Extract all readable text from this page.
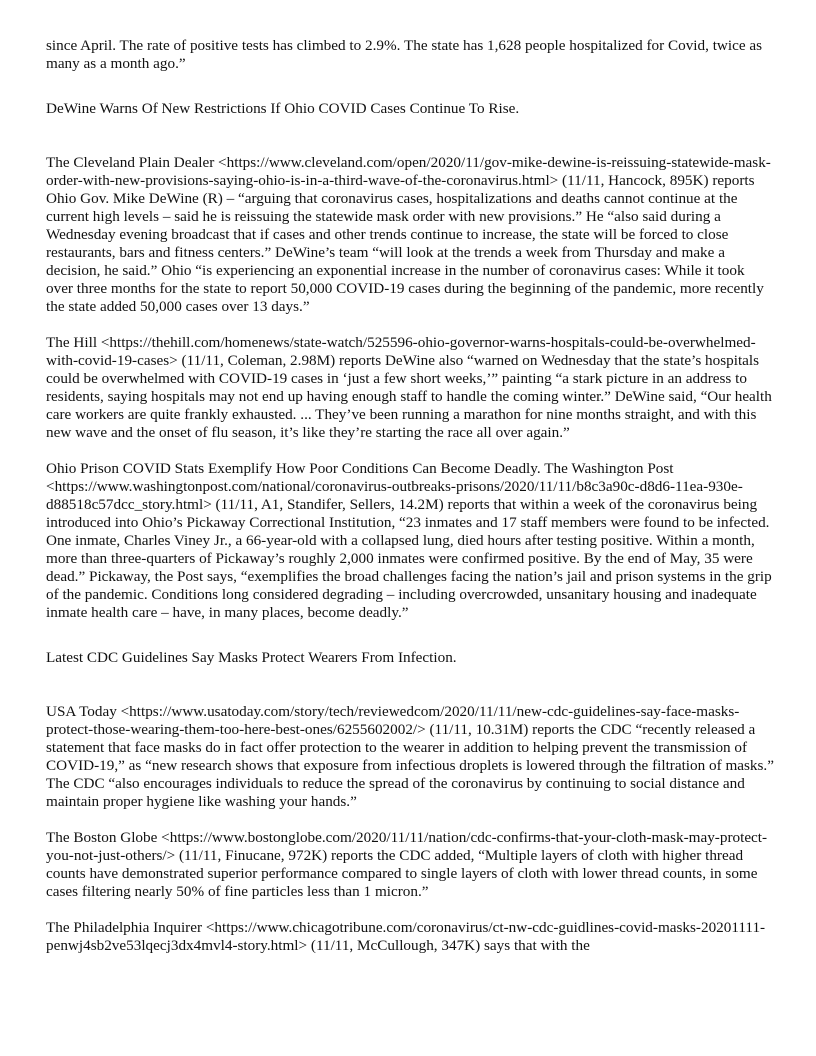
since April. The rate of positive tests has climbed to 2.9%. The state has 1,628 people hospitalized for Covid, twice as many as a month ago.”

DeWine Warns Of New Restrictions If Ohio COVID Cases Continue To Rise.

The Cleveland Plain Dealer <https://www.cleveland.com/open/2020/11/gov-mike-dewine-is-reissuing-statewide-mask-order-with-new-provisions-saying-ohio-is-in-a-third-wave-of-the-coronavirus.html> (11/11, Hancock, 895K) reports Ohio Gov. Mike DeWine (R) – “arguing that coronavirus cases, hospitalizations and deaths cannot continue at the current high levels – said he is reissuing the statewide mask order with new provisions.” He “also said during a Wednesday evening broadcast that if cases and other trends continue to increase, the state will be forced to close restaurants, bars and fitness centers.” DeWine’s team “will look at the trends a week from Thursday and make a decision, he said.” Ohio “is experiencing an exponential increase in the number of coronavirus cases: While it took over three months for the state to report 50,000 COVID-19 cases during the beginning of the pandemic, more recently the state added 50,000 cases over 13 days.”

The Hill <https://thehill.com/homenews/state-watch/525596-ohio-governor-warns-hospitals-could-be-overwhelmed-with-covid-19-cases> (11/11, Coleman, 2.98M) reports DeWine also “warned on Wednesday that the state’s hospitals could be overwhelmed with COVID-19 cases in ‘just a few short weeks,’” painting “a stark picture in an address to residents, saying hospitals may not end up having enough staff to handle the coming winter.” DeWine said, “Our health care workers are quite frankly exhausted. ... They’ve been running a marathon for nine months straight, and with this new wave and the onset of flu season, it’s like they’re starting the race all over again.”

Ohio Prison COVID Stats Exemplify How Poor Conditions Can Become Deadly. The Washington Post <https://www.washingtonpost.com/national/coronavirus-outbreaks-prisons/2020/11/11/b8c3a90c-d8d6-11ea-930e-d88518c57dcc_story.html> (11/11, A1, Standifer, Sellers, 14.2M) reports that within a week of the coronavirus being introduced into Ohio’s Pickaway Correctional Institution, “23 inmates and 17 staff members were found to be infected. One inmate, Charles Viney Jr., a 66-year-old with a collapsed lung, died hours after testing positive. Within a month, more than three-quarters of Pickaway’s roughly 2,000 inmates were confirmed positive. By the end of May, 35 were dead.” Pickaway, the Post says, “exemplifies the broad challenges facing the nation’s jail and prison systems in the grip of the pandemic. Conditions long considered degrading – including overcrowded, unsanitary housing and inadequate inmate health care – have, in many places, become deadly.”

Latest CDC Guidelines Say Masks Protect Wearers From Infection.

USA Today <https://www.usatoday.com/story/tech/reviewedcom/2020/11/11/new-cdc-guidelines-say-face-masks-protect-those-wearing-them-too-here-best-ones/6255602002/> (11/11, 10.31M) reports the CDC “recently released a statement that face masks do in fact offer protection to the wearer in addition to helping prevent the transmission of COVID-19,” as “new research shows that exposure from infectious droplets is lowered through the filtration of masks.” The CDC “also encourages individuals to reduce the spread of the coronavirus by continuing to social distance and maintain proper hygiene like washing your hands.”

The Boston Globe <https://www.bostonglobe.com/2020/11/11/nation/cdc-confirms-that-your-cloth-mask-may-protect-you-not-just-others/> (11/11, Finucane, 972K) reports the CDC added, “Multiple layers of cloth with higher thread counts have demonstrated superior performance compared to single layers of cloth with lower thread counts, in some cases filtering nearly 50% of fine particles less than 1 micron.”

The Philadelphia Inquirer <https://www.chicagotribune.com/coronavirus/ct-nw-cdc-guidlines-covid-masks-20201111-penwj4sb2ve53lqecj3dx4mvl4-story.html> (11/11, McCullough, 347K) says that with the
